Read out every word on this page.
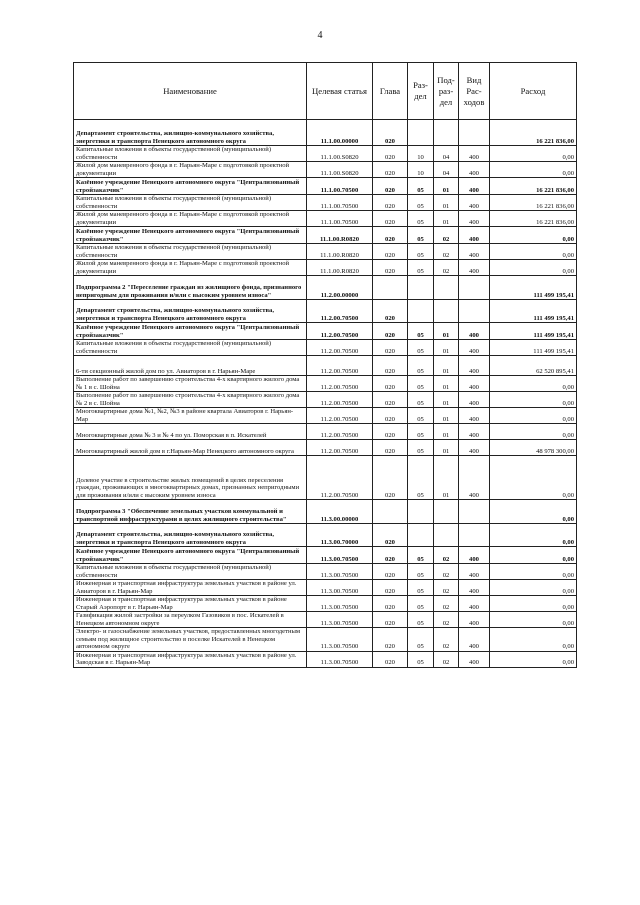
4
Наименование	Целевая статья	Глава	Раз-дел	Под-раз-дел	Вид Рас-ходов	Расход
Департамент строительства, жилищно-коммунального хозяйства, энергетики и транспорта Ненецкого автономного округа	11.1.00.00000	020				16 221 836,00
Капитальные вложения в объекты государственной (муниципальной) собственности	11.1.00.S0820	020	10	04	400	0,00
Жилой дом маневренного фонда в г. Нарьян-Маре с подготовкой проектной документации	11.1.00.S0820	020	10	04	400	0,00
Казённое учреждение Ненецкого автономного округа "Централизованный стройзаказчик"	11.1.00.70500	020	05	01	400	16 221 836,00
Капитальные вложения в объекты государственной (муниципальной) собственности	11.1.00.70500	020	05	01	400	16 221 836,00
Жилой дом маневренного фонда в г. Нарьян-Маре с подготовкой проектной документации	11.1.00.70500	020	05	01	400	16 221 836,00
Казённое учреждение Ненецкого автономного округа "Централизованный стройзаказчик"	11.1.00.R0820	020	05	02	400	0,00
Капитальные вложения в объекты государственной (муниципальной) собственности	11.1.00.R0820	020	05	02	400	0,00
Жилой дом маневренного фонда в г. Нарьян-Маре с подготовкой проектной документации	11.1.00.R0820	020	05	02	400	0,00
Подпрограмма 2 "Переселение граждан из жилищного фонда, признанного непригодным для проживания и/или с высоким уровнем износа"	11.2.00.00000					111 499 195,41
Департамент строительства, жилищно-коммунального хозяйства, энергетики и транспорта Ненецкого автономного округа	11.2.00.70500	020				111 499 195,41
Казённое учреждение Ненецкого автономного округа "Централизованный стройзаказчик"	11.2.00.70500	020	05	01	400	111 499 195,41
Капитальные вложения в объекты государственной (муниципальной) собственности	11.2.00.70500	020	05	01	400	111 499 195,41
6-ти секционный жилой дом по ул. Авиаторов в г. Нарьян-Маре	11.2.00.70500	020	05	01	400	62 520 895,41
Выполнение работ по завершению строительства 4-х квартирного жилого дома № 1 в с. Шойна	11.2.00.70500	020	05	01	400	0,00
Выполнение работ по завершению строительства 4-х квартирного жилого дома № 2 в с. Шойна	11.2.00.70500	020	05	01	400	0,00
Многоквартирные дома №1, №2, №3 в районе квартала Авиаторов г. Нарьян-Мар	11.2.00.70500	020	05	01	400	0,00
Многоквартирные дома № 3 и № 4 по ул. Поморская в п. Искателей	11.2.00.70500	020	05	01	400	0,00
Многоквартирный жилой дом в г.Нарьян-Мар Ненецкого автономного округа	11.2.00.70500	020	05	01	400	48 978 300,00
Долевое участие в строительстве жилых помещений в целях переселения граждан, проживающих в многоквартирных домах, признанных непригодными для проживания и/или с высоким уровнем износа	11.2.00.70500	020	05	01	400	0,00
Подпрограмма 3 "Обеспечение земельных участков коммунальной и транспортной инфраструктурами в целях жилищного строительства"	11.3.00.00000					0,00
Департамент строительства, жилищно-коммунального хозяйства, энергетики и транспорта Ненецкого автономного округа	11.3.00.70000	020				0,00
Казённое учреждение Ненецкого автономного округа "Централизованный стройзаказчик"	11.3.00.70500	020	05	02	400	0,00
Капитальные вложения в объекты государственной (муниципальной) собственности	11.3.00.70500	020	05	02	400	0,00
Инженерная и транспортная инфраструктура земельных участков в районе ул. Авиаторов в г. Нарьян-Мар	11.3.00.70500	020	05	02	400	0,00
Инженерная и транспортная инфраструктура земельных участков в районе Старый Аэропорт в г. Нарьян-Мар	11.3.00.70500	020	05	02	400	0,00
Газификация жилой застройки за переулком Газовиков в пос. Искателей в Ненецком автономном округе	11.3.00.70500	020	05	02	400	0,00
Электро- и газоснабжение земельных участков, предоставленных многодетным семьям под жилищное строительство в поселке Искателей в Ненецком автономном округе	11.3.00.70500	020	05	02	400	0,00
Инженерная и транспортная инфраструктура земельных участков в районе ул. Заводская в г. Нарьян-Мар	11.3.00.70500	020	05	02	400	0,00
